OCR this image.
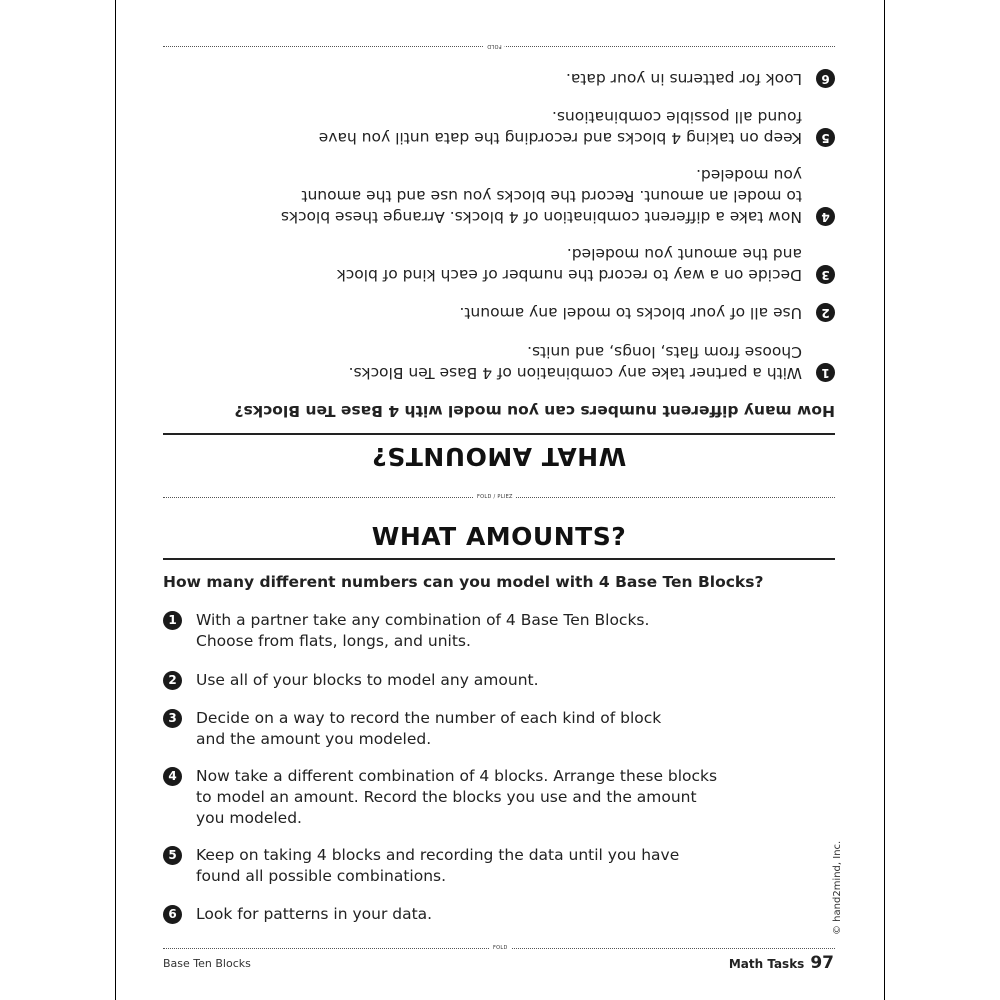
FOLD
FOLD / PLIEZ
FOLD
WHAT AMOUNTS?
How many different numbers can you model with 4 Base Ten Blocks?
1
With a partner take any combination of 4 Base Ten Blocks.
Choose from flats, longs, and units.
2
Use all of your blocks to model any amount.
3
Decide on a way to record the number of each kind of block
and the amount you modeled.
4
Now take a different combination of 4 blocks. Arrange these blocks
to model an amount. Record the blocks you use and the amount
you modeled.
5
Keep on taking 4 blocks and recording the data until you have
found all possible combinations.
6
Look for patterns in your data.
WHAT AMOUNTS?
How many different numbers can you model with 4 Base Ten Blocks?
1	With a partner take any combination of 4 Base Ten Blocks.
Choose from flats, longs, and units.
2	Use all of your blocks to model any amount.
3	Decide on a way to record the number of each kind of block
and the amount you modeled.
4	Now take a different combination of 4 blocks. Arrange these blocks
to model an amount. Record the blocks you use and the amount
you modeled.
5	Keep on taking 4 blocks and recording the data until you have
found all possible combinations.
6	Look for patterns in your data.	© hand2mind, Inc.
Base Ten Blocks	Math Tasks 97
